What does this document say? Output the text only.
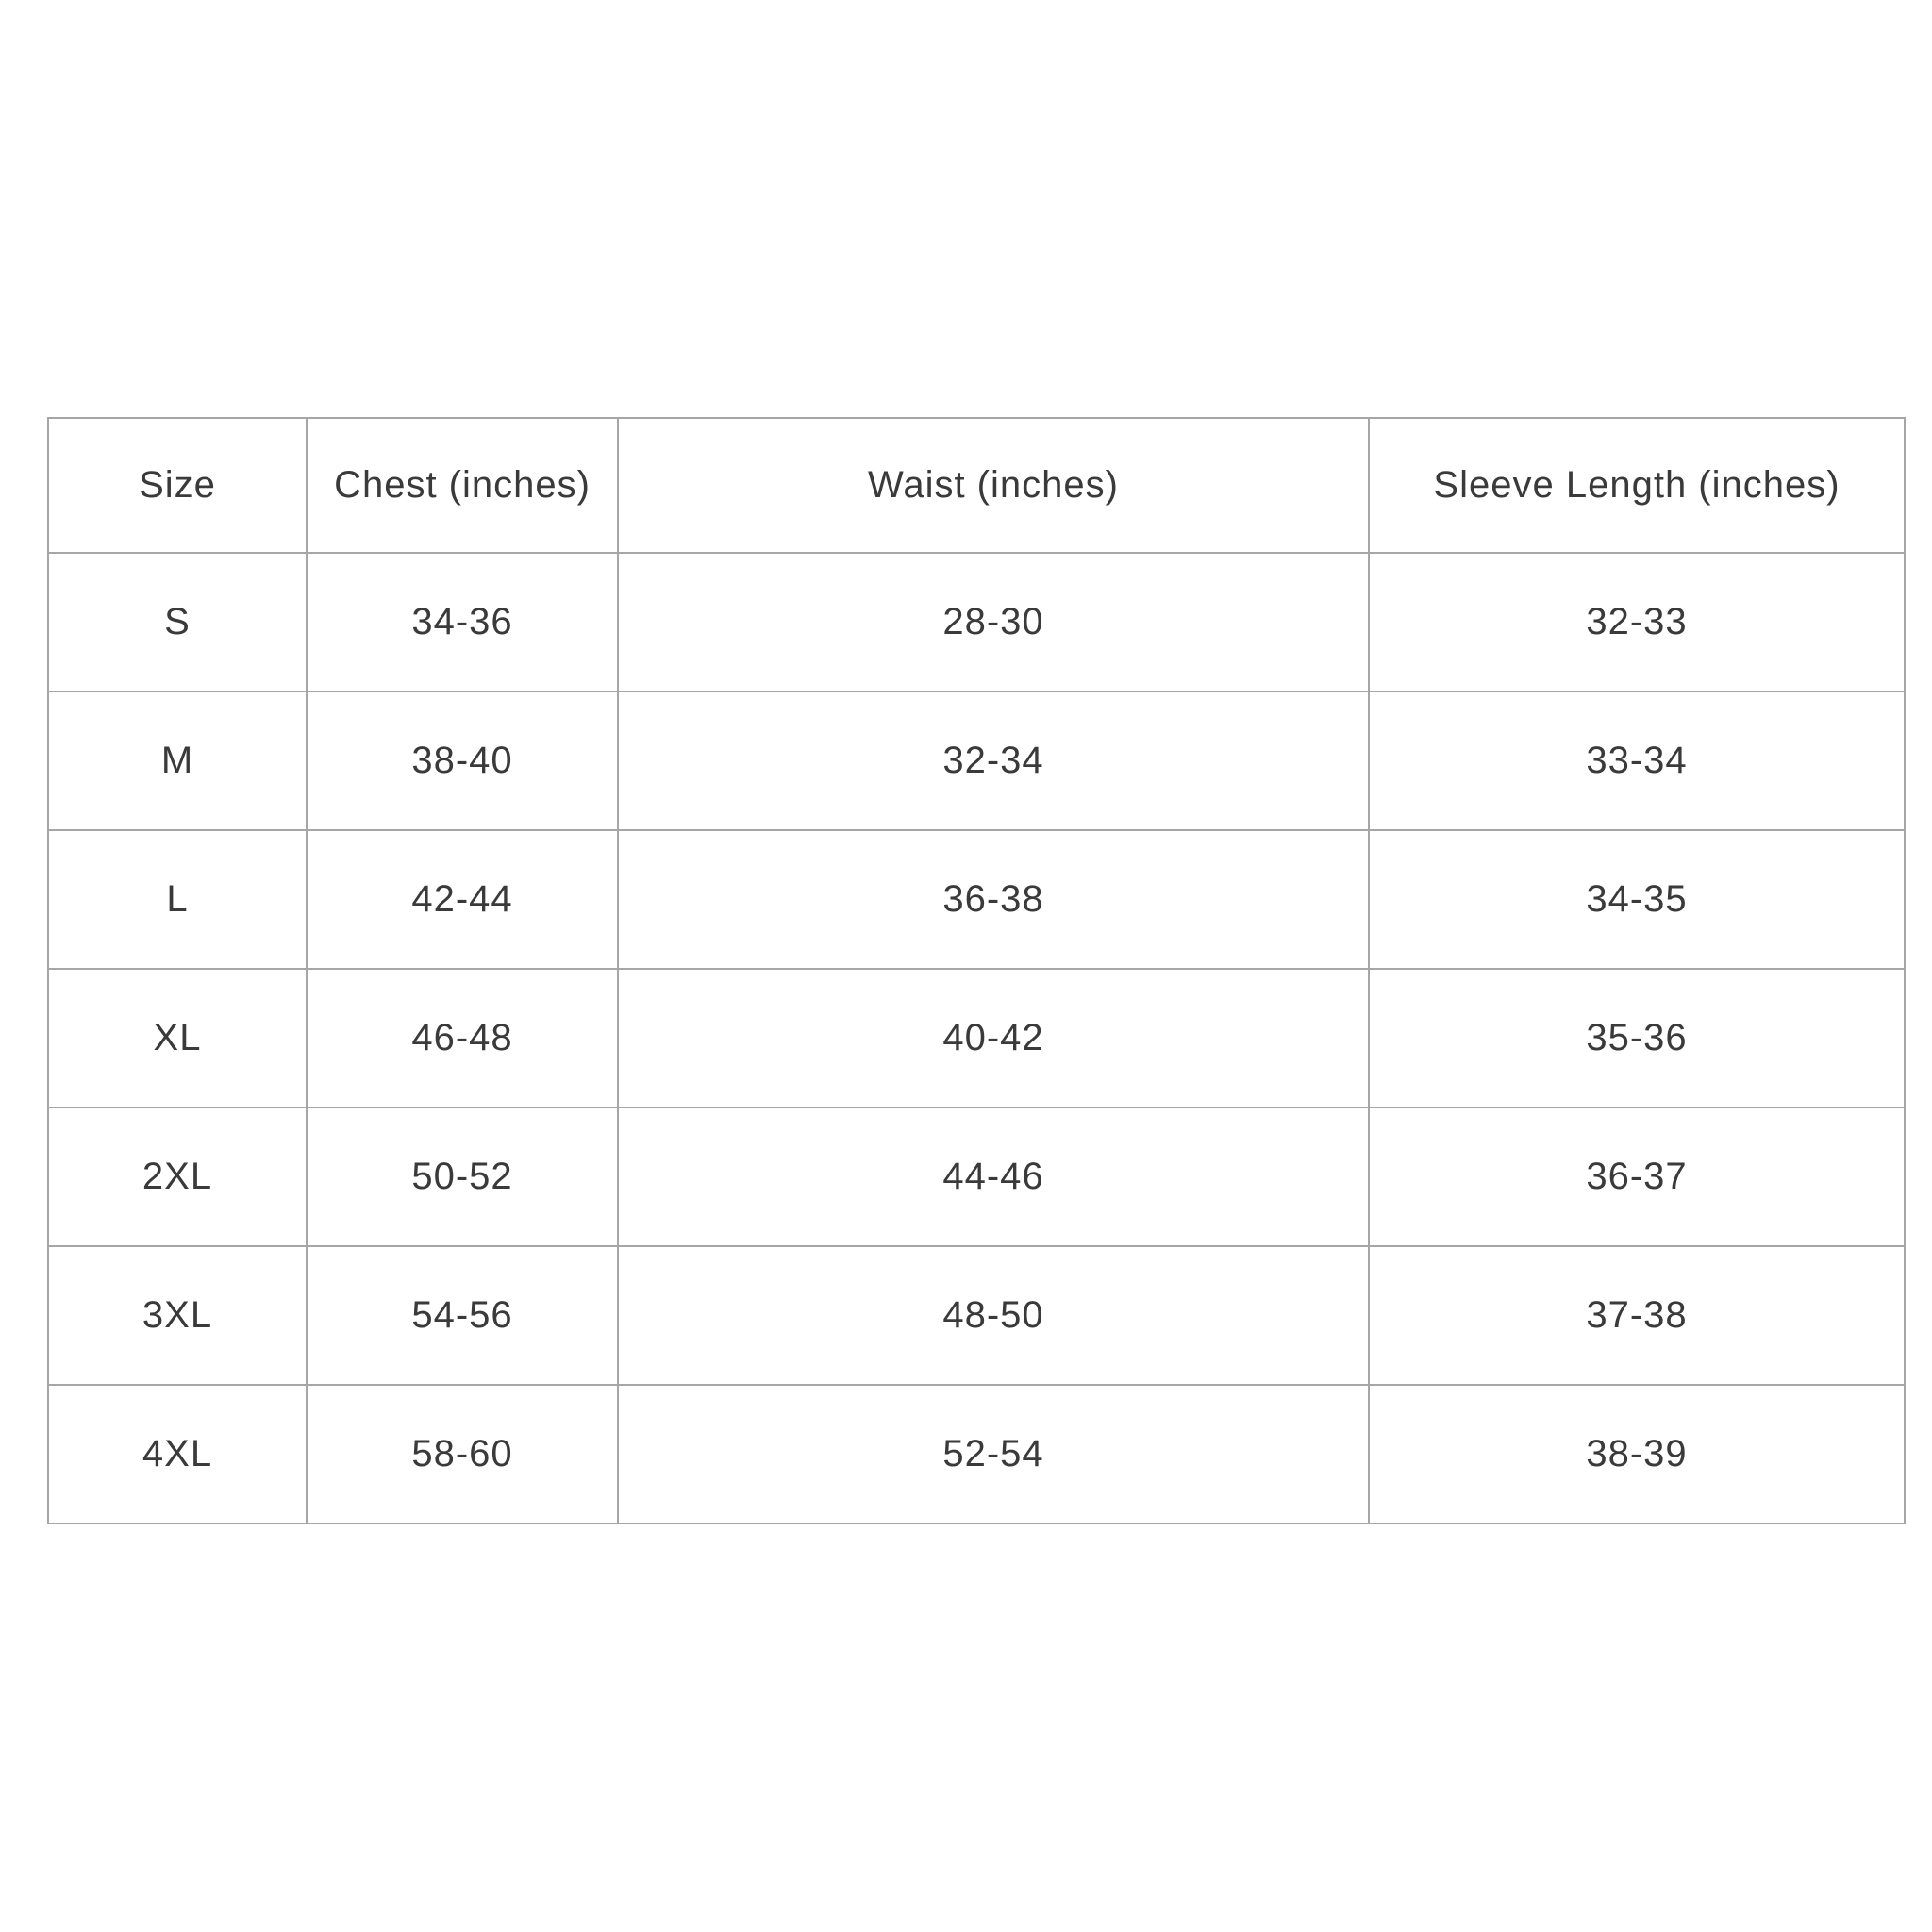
Size	Chest (inches)	Waist (inches)	Sleeve Length (inches)
S	34-36	28-30	32-33
M	38-40	32-34	33-34
L	42-44	36-38	34-35
XL	46-48	40-42	35-36
2XL	50-52	44-46	36-37
3XL	54-56	48-50	37-38
4XL	58-60	52-54	38-39
